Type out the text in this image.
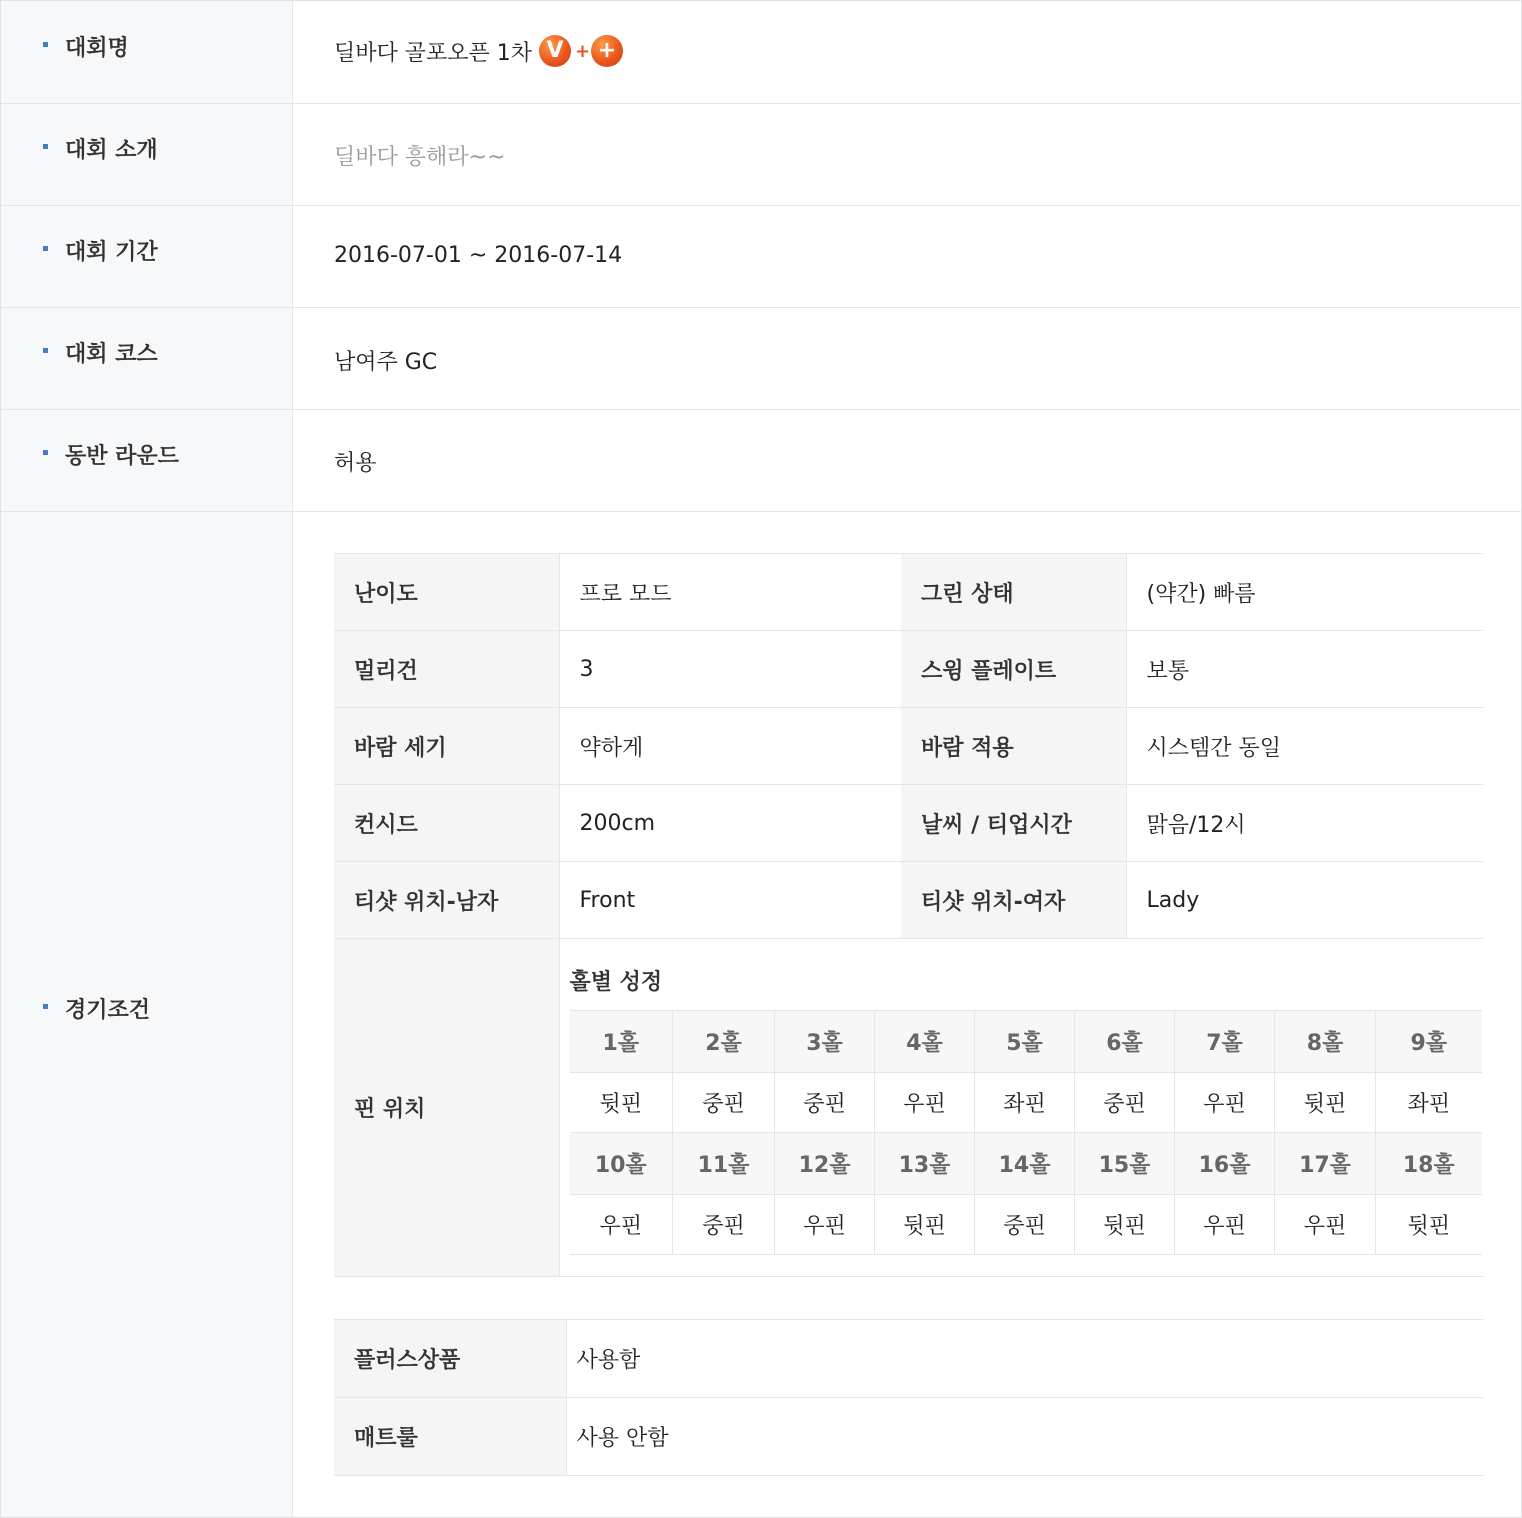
대회명	딜바다 골포오픈 1차 V + +
대회 소개	딜바다 흥해라~~
대회 기간	2016-07-01 ~ 2016-07-14
대회 코스	남여주 GC
동반 라운드	허용
경기조건
난이도	프로 모드	그린 상태	(약간) 빠름
멀리건	3	스윙 플레이트	보통
바람 세기	약하게	바람 적용	시스템간 동일
컨시드	200cm	날씨 / 티업시간	맑음/12시
티샷 위치-남자	Front	티샷 위치-여자	Lady
핀 위치	
홀별 성정
1홀	2홀	3홀	4홀	5홀	6홀	7홀	8홀	9홀
뒷핀	중핀	중핀	우핀	좌핀	중핀	우핀	뒷핀	좌핀
10홀	11홀	12홀	13홀	14홀	15홀	16홀	17홀	18홀
우핀	중핀	우핀	뒷핀	중핀	뒷핀	우핀	우핀	뒷핀
플러스상품	사용함
매트룰	사용 안함
